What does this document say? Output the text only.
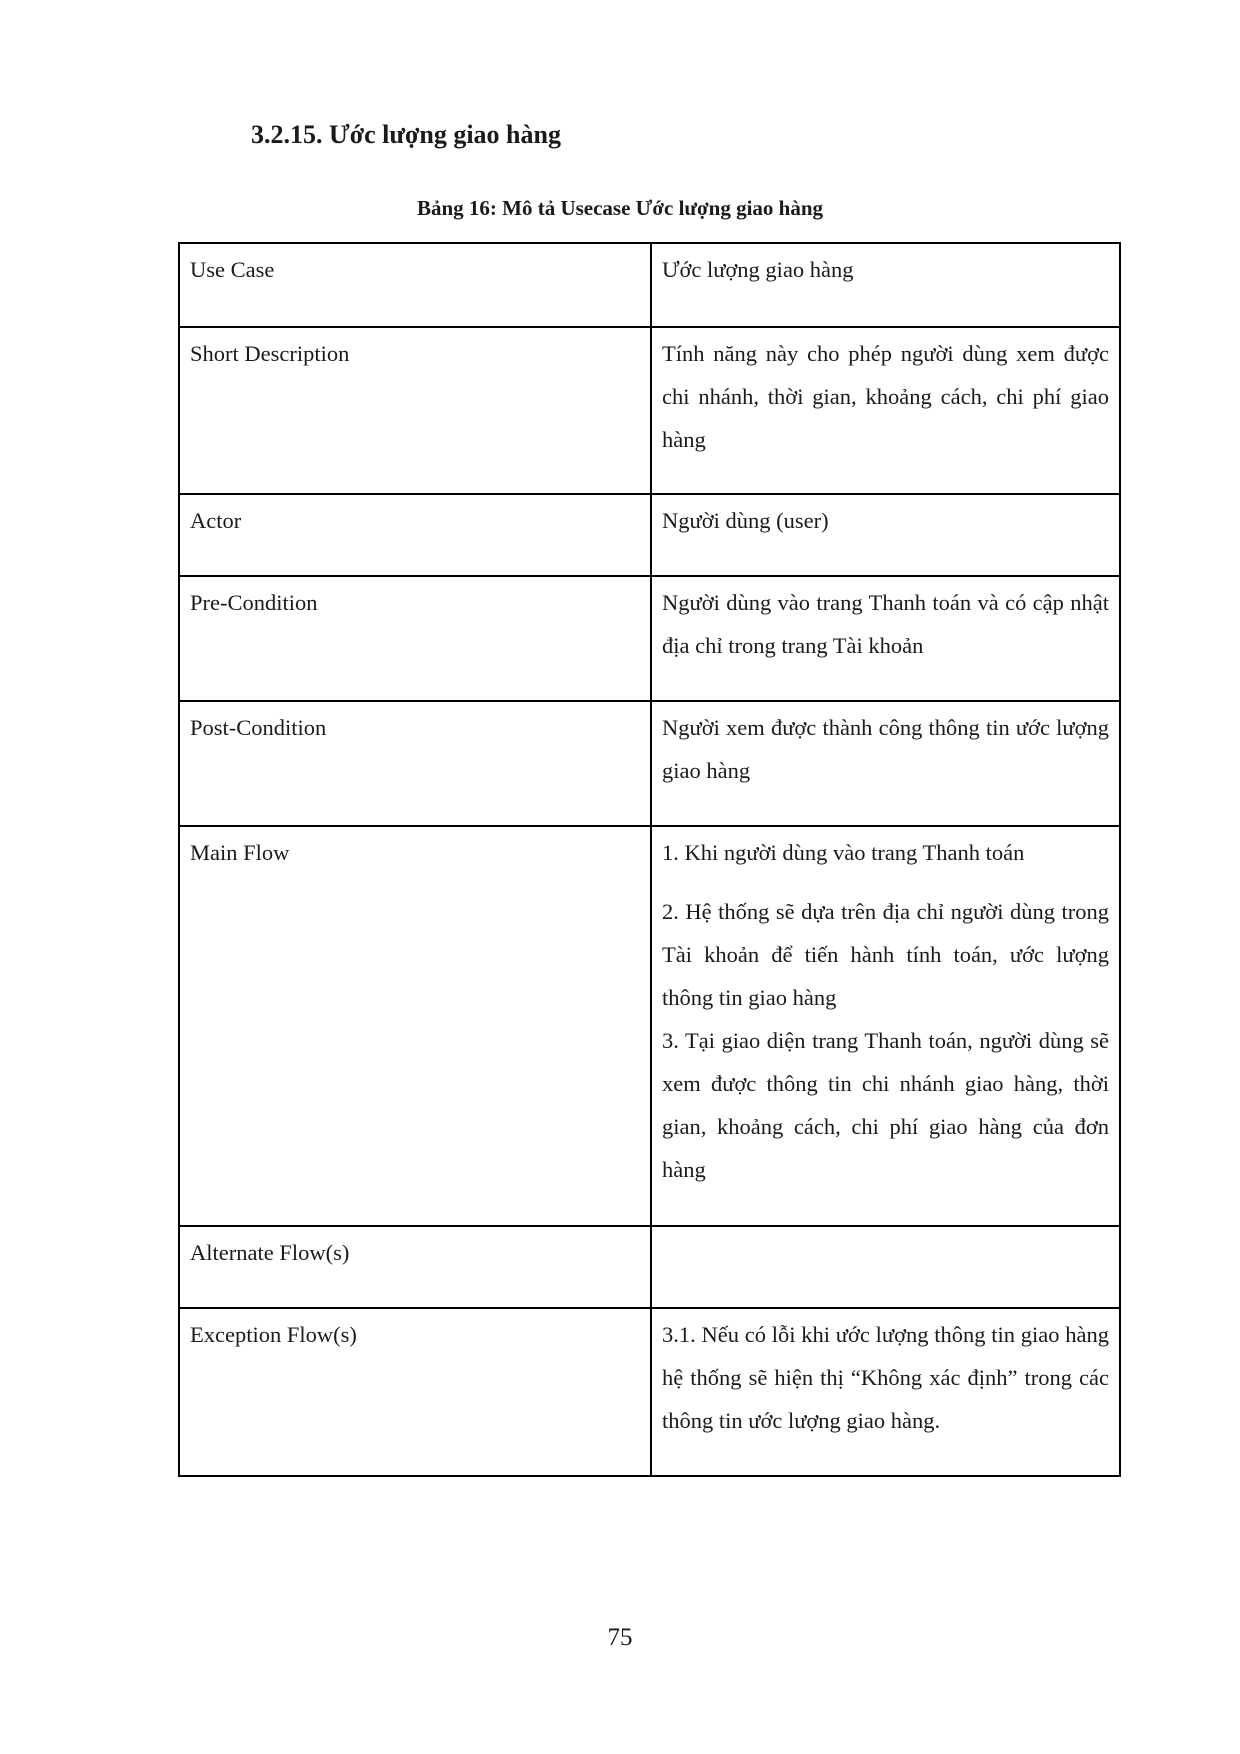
3.2.15. Ước lượng giao hàng

Bảng 16: Mô tả Usecase Ước lượng giao hàng

Use Case	Ước lượng giao hàng
Short Description	Tính năng này cho phép người dùng xem được chi nhánh, thời gian, khoảng cách, chi phí giao hàng
Actor	Người dùng (user)
Pre-Condition	Người dùng vào trang Thanh toán và có cập nhật địa chỉ trong trang Tài khoản
Post-Condition	Người xem được thành công thông tin ước lượng giao hàng
Main Flow	1. Khi người dùng vào trang Thanh toán
2. Hệ thống sẽ dựa trên địa chỉ người dùng trong Tài khoản để tiến hành tính toán, ước lượng thông tin giao hàng
3. Tại giao diện trang Thanh toán, người dùng sẽ xem được thông tin chi nhánh giao hàng, thời gian, khoảng cách, chi phí giao hàng của đơn hàng

Alternate Flow(s)	
Exception Flow(s)	3.1. Nếu có lỗi khi ước lượng thông tin giao hàng hệ thống sẽ hiện thị “Không xác định” trong các thông tin ước lượng giao hàng.

75
